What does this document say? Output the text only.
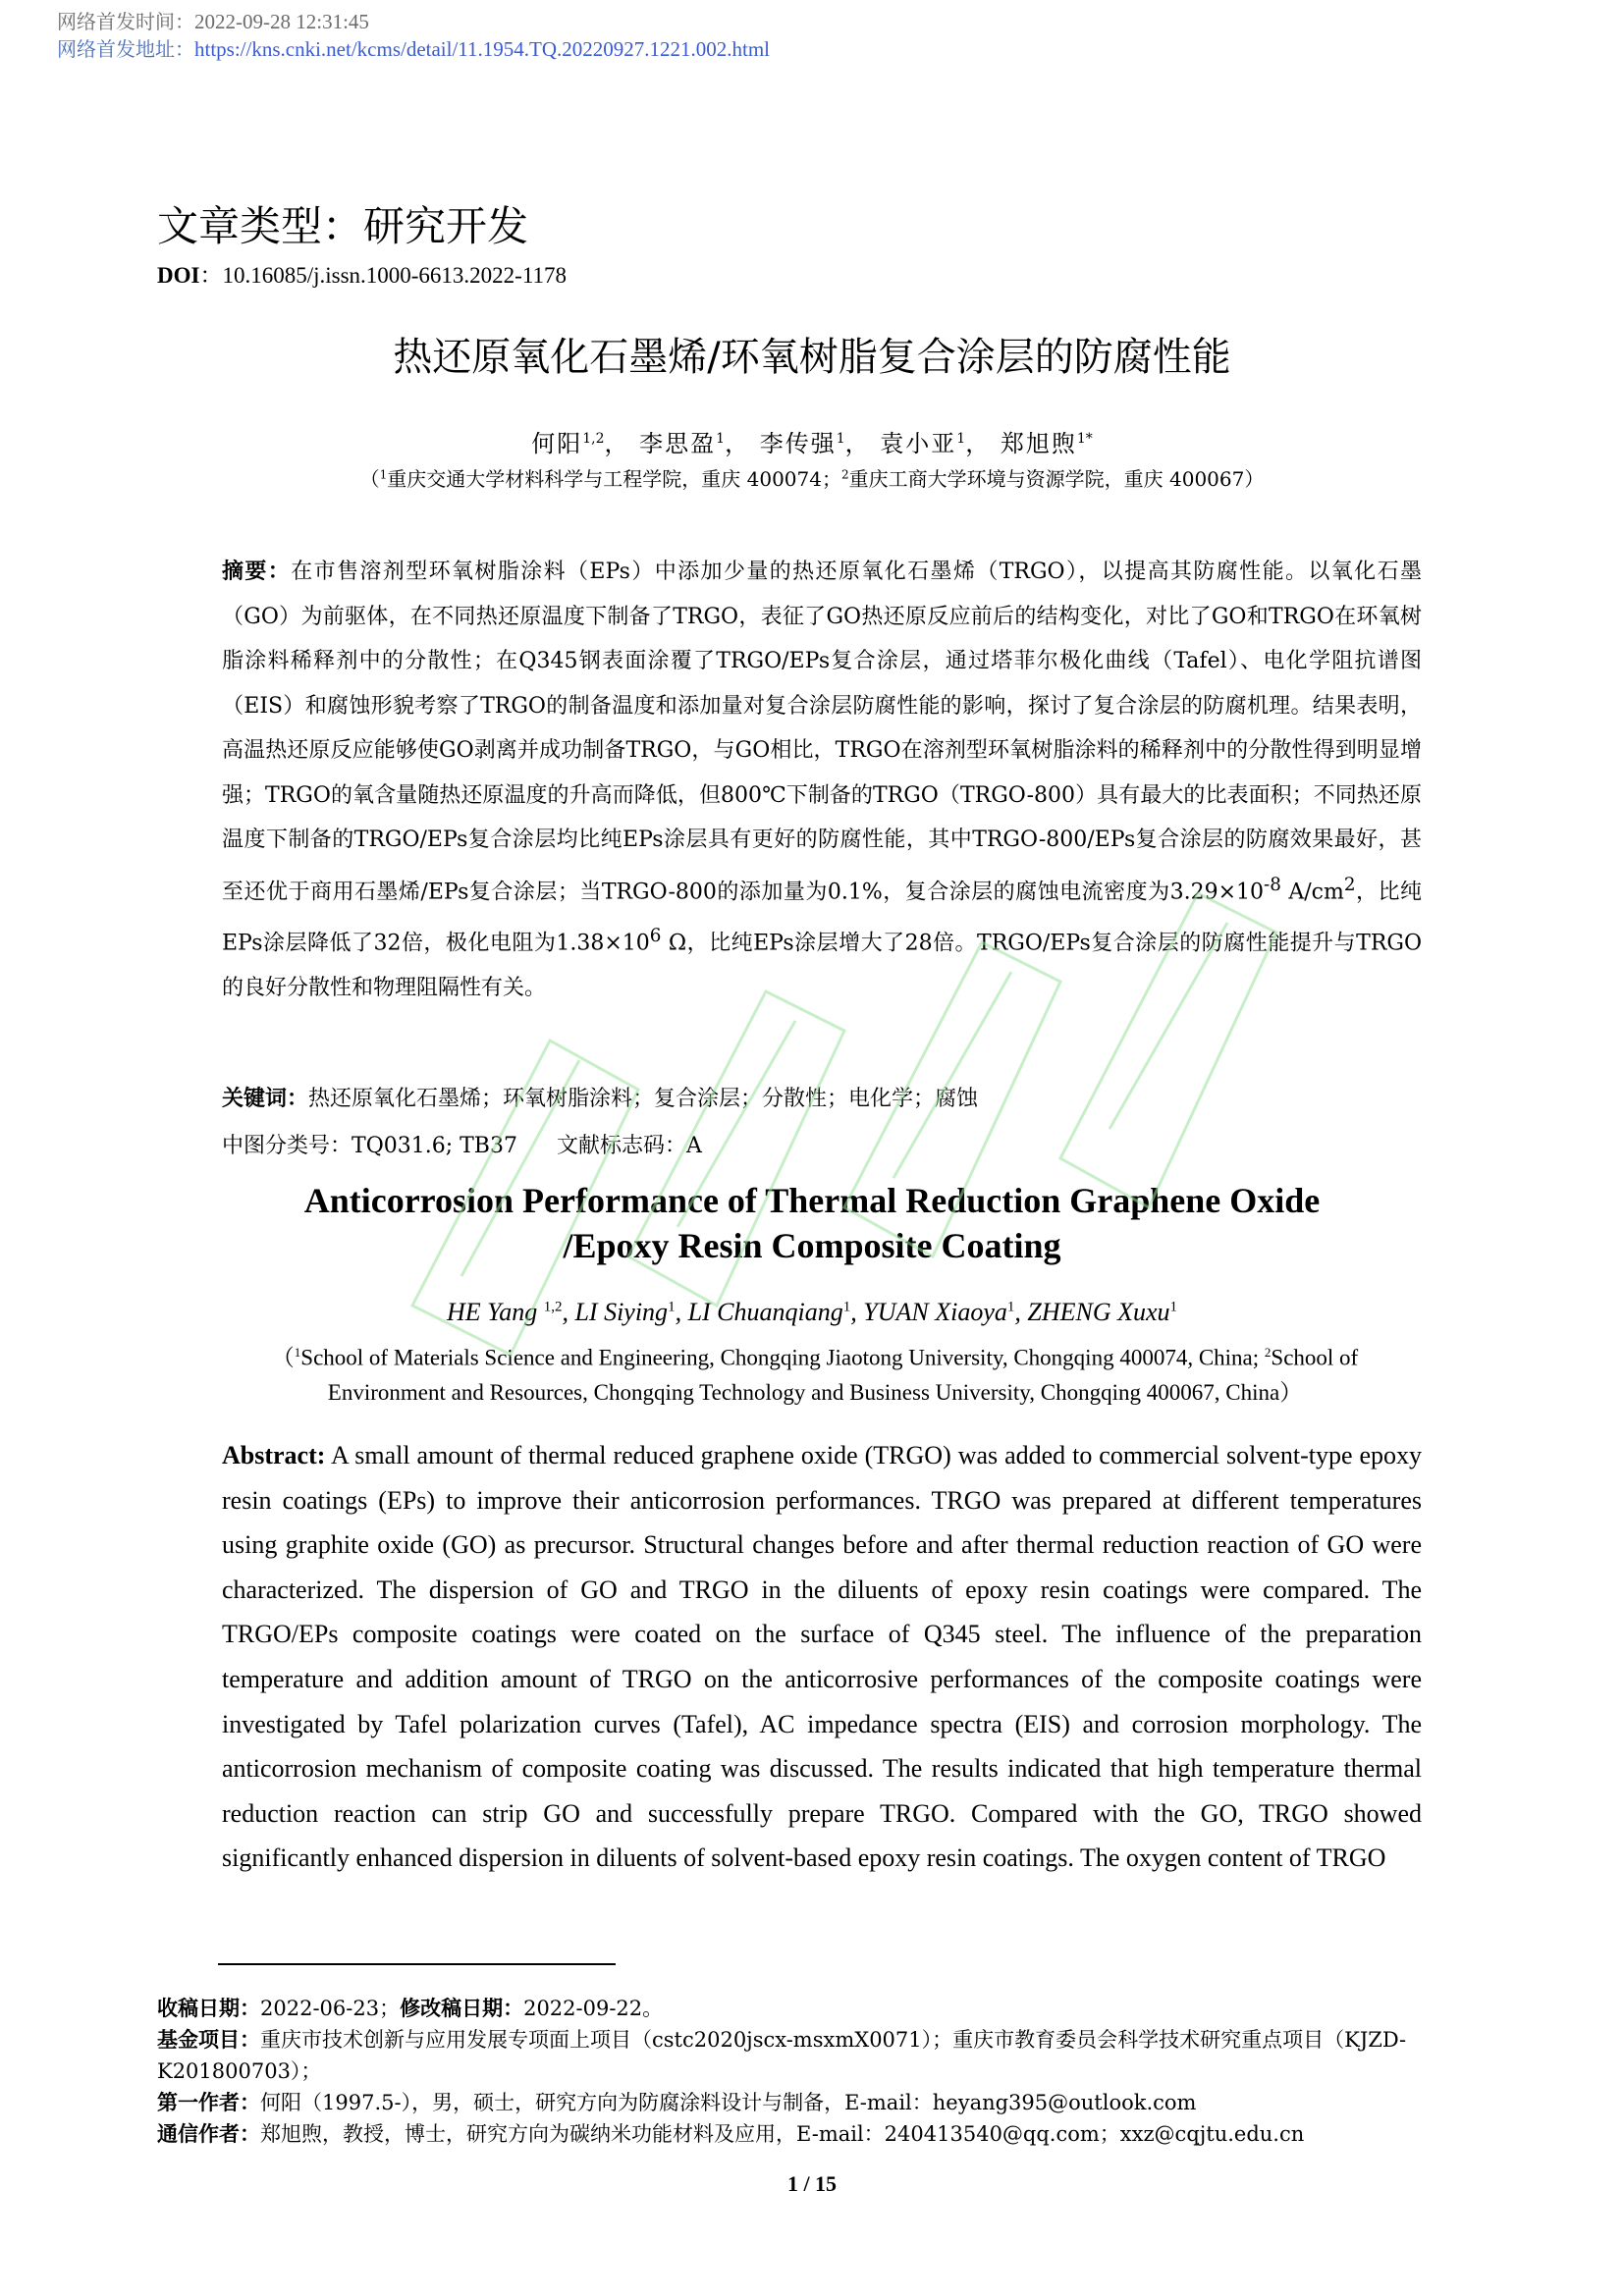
网络首发时间：2022-09-28 12:31:45
网络首发地址：https://kns.cnki.net/kcms/detail/11.1954.TQ.20220927.1221.002.html
文章类型：研究开发
DOI：10.16085/j.issn.1000-6613.2022-1178
热还原氧化石墨烯/环氧树脂复合涂层的防腐性能
何阳$^{1,2}$， 李思盈$^1$， 李传强$^1$， 袁小亚$^1$， 郑旭煦$^{1*}$
（$^1$重庆交通大学材料科学与工程学院，重庆 400074；$^2$重庆工商大学环境与资源学院，重庆 400067）
摘要：在市售溶剂型环氧树脂涂料（EPs）中添加少量的热还原氧化石墨烯（TRGO），以提高其防腐性能。以氧化石墨（GO）为前驱体，在不同热还原温度下制备了TRGO，表征了GO热还原反应前后的结构变化，对比了GO和TRGO在环氧树脂涂料稀释剂中的分散性；在Q345钢表面涂覆了TRGO/EPs复合涂层，通过塔菲尔极化曲线（Tafel）、电化学阻抗谱图（EIS）和腐蚀形貌考察了TRGO的制备温度和添加量对复合涂层防腐性能的影响，探讨了复合涂层的防腐机理。结果表明，高温热还原反应能够使GO剥离并成功制备TRGO，与GO相比，TRGO在溶剂型环氧树脂涂料的稀释剂中的分散性得到明显增强；TRGO的氧含量随热还原温度的升高而降低，但800℃下制备的TRGO（TRGO-800）具有最大的比表面积；不同热还原温度下制备的TRGO/EPs复合涂层均比纯EPs涂层具有更好的防腐性能，其中TRGO-800/EPs复合涂层的防腐效果最好，甚至还优于商用石墨烯/EPs复合涂层；当TRGO-800的添加量为0.1%，复合涂层的腐蚀电流密度为$3.29\times 10^{-8}$ $A/cm^2$，比纯EPs涂层降低了32倍，极化电阻为$1.38\times 10^6$ Ω，比纯EPs涂层增大了28倍。TRGO/EPs复合涂层的防腐性能提升与TRGO的良好分散性和物理阻隔性有关。
关键词：热还原氧化石墨烯；环氧树脂涂料；复合涂层；分散性；电化学；腐蚀
中图分类号：TQ031.6; TB37 文献标志码：A
Anticorrosion Performance of Thermal Reduction Graphene Oxide
/Epoxy Resin Composite Coating
HE Yang $^{1,2}$, LI Siying$^1$, LI Chuanqiang$^1$, YUAN Xiaoya$^1$, ZHENG Xuxu$^1$
（$^1$School of Materials Science and Engineering, Chongqing Jiaotong University, Chongqing 400074, China; $^2$School of Environment and Resources, Chongqing Technology and Business University, Chongqing 400067, China）
Abstract: A small amount of thermal reduced graphene oxide (TRGO) was added to commercial solvent-type epoxy resin coatings (EPs) to improve their anticorrosion performances. TRGO was prepared at different temperatures using graphite oxide (GO) as precursor. Structural changes before and after thermal reduction reaction of GO were characterized. The dispersion of GO and TRGO in the diluents of epoxy resin coatings were compared. The TRGO/EPs composite coatings were coated on the surface of Q345 steel. The influence of the preparation temperature and addition amount of TRGO on the anticorrosive performances of the composite coatings were investigated by Tafel polarization curves (Tafel), AC impedance spectra (EIS) and corrosion morphology. The anticorrosion mechanism of composite coating was discussed. The results indicated that high temperature thermal reduction reaction can strip GO and successfully prepare TRGO. Compared with the GO, TRGO showed significantly enhanced dispersion in diluents of solvent-based epoxy resin coatings. The oxygen content of TRGO
收稿日期：2022-06-23；修改稿日期：2022-09-22。
基金项目：重庆市技术创新与应用发展专项面上项目（cstc2020jscx-msxmX0071）；重庆市教育委员会科学技术研究重点项目（KJZD-K201800703）；
第一作者：何阳（1997.5-），男，硕士，研究方向为防腐涂料设计与制备，E-mail：heyang395@outlook.com
通信作者：郑旭煦，教授，博士，研究方向为碳纳米功能材料及应用，E-mail：240413540@qq.com；xxz@cqjtu.edu.cn
1 / 15
